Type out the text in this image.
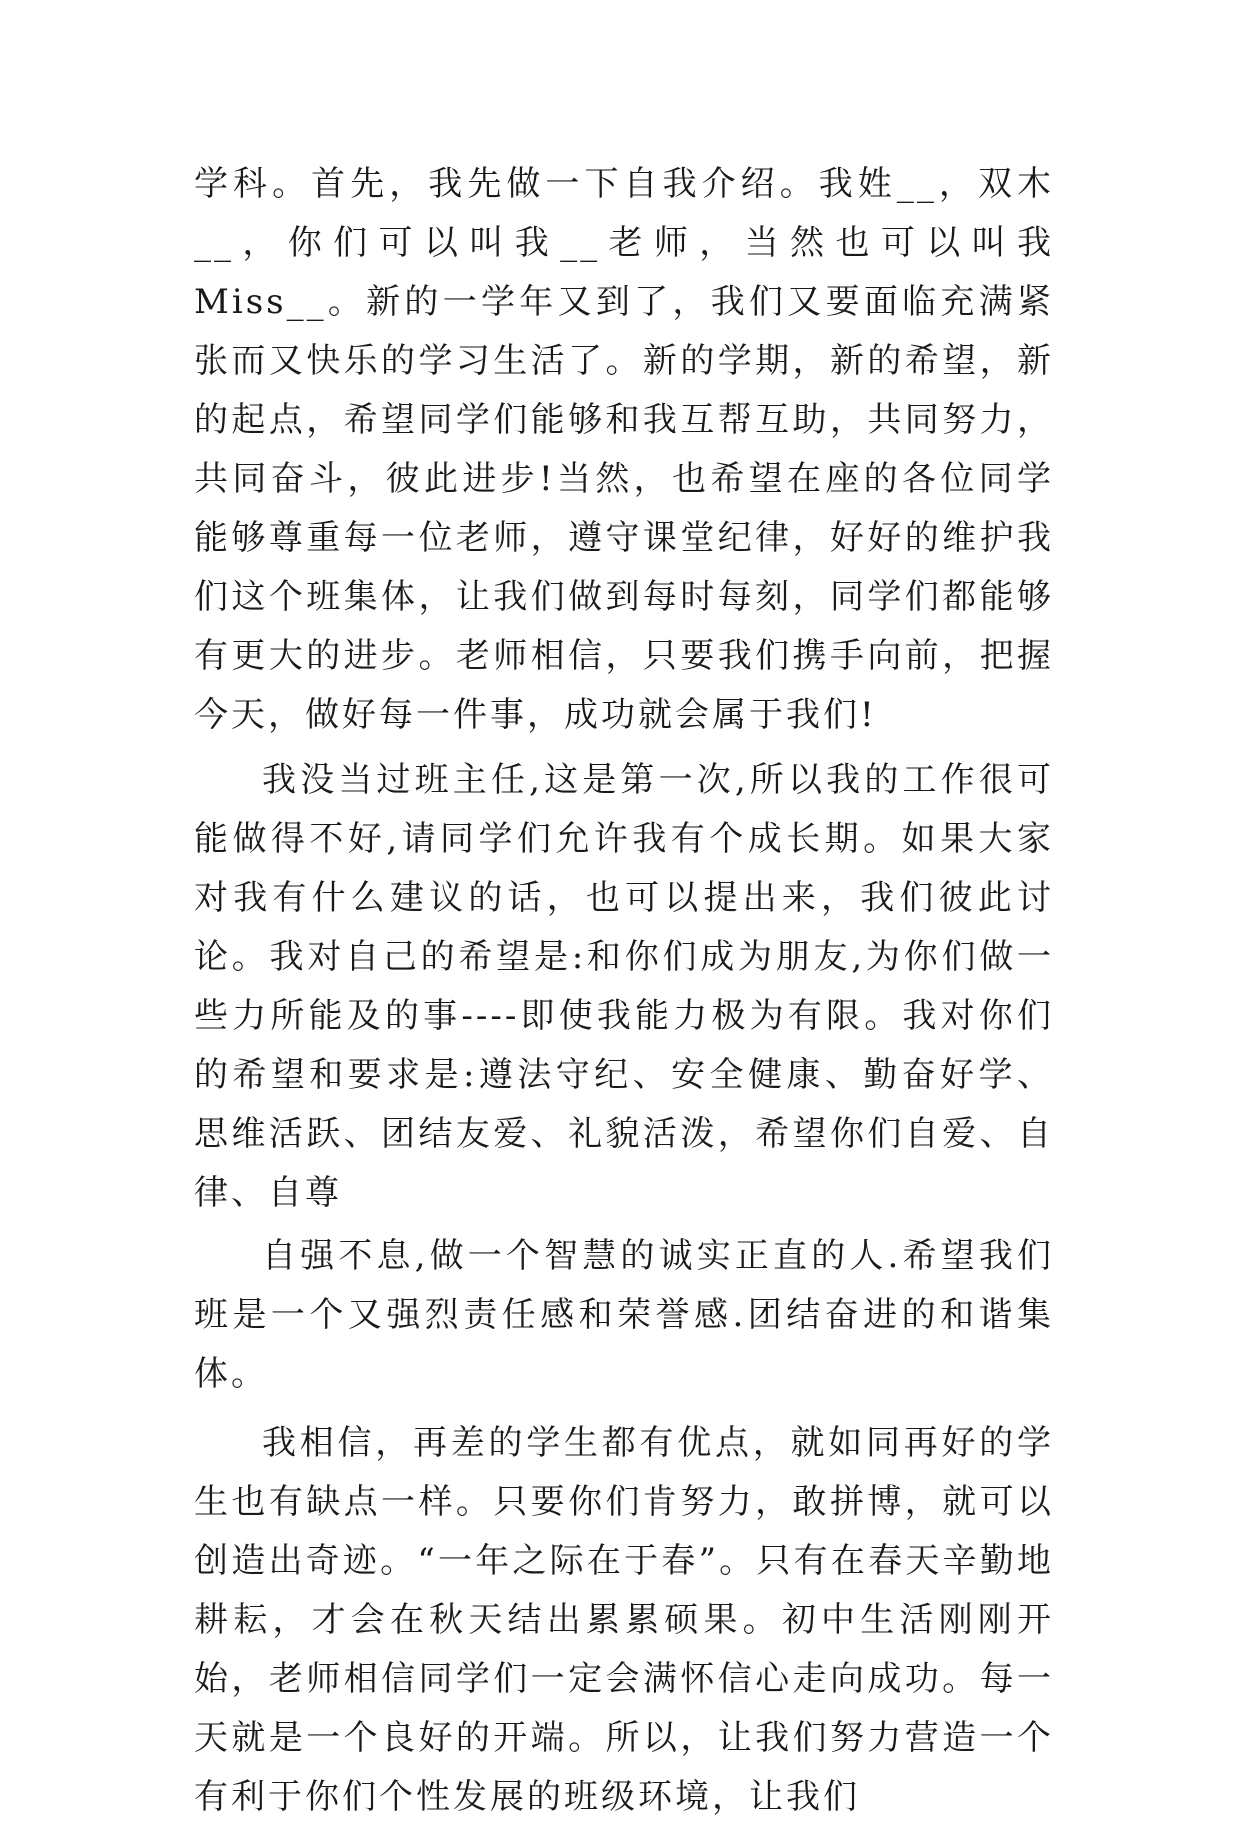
学科。首先，我先做一下自我介绍。我姓__，双木__，你们可以叫我__老师，当然也可以叫我Miss__。新的一学年又到了，我们又要面临充满紧张而又快乐的学习生活了。新的学期，新的希望，新的起点，希望同学们能够和我互帮互助，共同努力，共同奋斗，彼此进步!当然，也希望在座的各位同学能够尊重每一位老师，遵守课堂纪律，好好的维护我们这个班集体，让我们做到每时每刻，同学们都能够有更大的进步。老师相信，只要我们携手向前，把握今天，做好每一件事，成功就会属于我们!

我没当过班主任,这是第一次,所以我的工作很可能做得不好,请同学们允许我有个成长期。如果大家对我有什么建议的话，也可以提出来，我们彼此讨论。我对自己的希望是:和你们成为朋友,为你们做一些力所能及的事----即使我能力极为有限。我对你们的希望和要求是:遵法守纪、安全健康、勤奋好学、思维活跃、团结友爱、礼貌活泼，希望你们自爱、自律、自尊

自强不息,做一个智慧的诚实正直的人.希望我们班是一个又强烈责任感和荣誉感.团结奋进的和谐集体。

我相信，再差的学生都有优点，就如同再好的学生也有缺点一样。只要你们肯努力，敢拼博，就可以创造出奇迹。“一年之际在于春”。只有在春天辛勤地耕耘，才会在秋天结出累累硕果。初中生活刚刚开始，老师相信同学们一定会满怀信心走向成功。每一天就是一个良好的开端。所以，让我们努力营造一个有利于你们个性发展的班级环境，让我们
